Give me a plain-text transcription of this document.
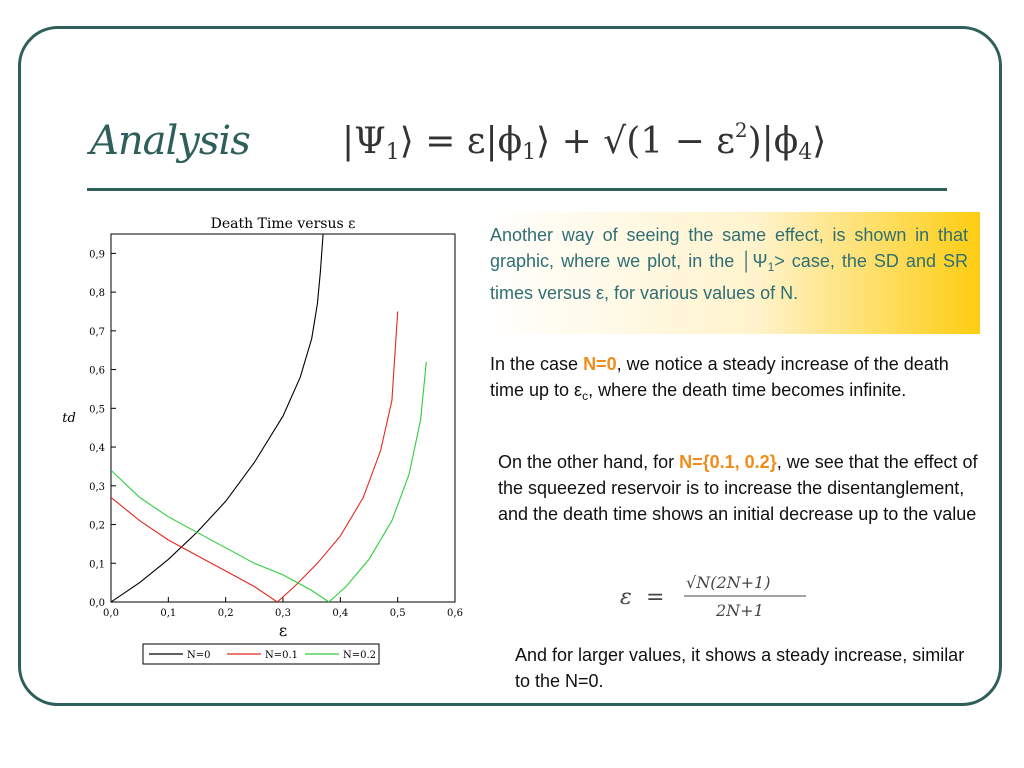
Analysis	$|\Psi_1⟩$ = $\varepsilon|\phi_1⟩ + √(1$ − $\varepsilon^2)|\phi_4⟩$
Death Time versus ε
0,0
0,1
0,2
0,3
0,4
0,5
0,6
0,7
0,8
0,9
0,0	0,1	0,2	0,3	0,4	0,5	0,6
ε
td
N=0	N=0.1	N=0.2
Another way of seeing the same effect, is shown in that graphic, where we plot, in the $│\Psi_1>$ case, the SD and SR times versus ε, for various values of N.
In the case N=0, we notice a steady increase of the death time up to $\varepsilon_c$, where the death time becomes infinite.
On the other hand, for N={0.1, 0.2}, we see that the effect of the squeezed reservoir is to increase the disentanglement, and the death time shows an initial decrease up to the value
ε =
√N(2N+1)
2N+1
And for larger values, it shows a steady increase, similar to the N=0.
